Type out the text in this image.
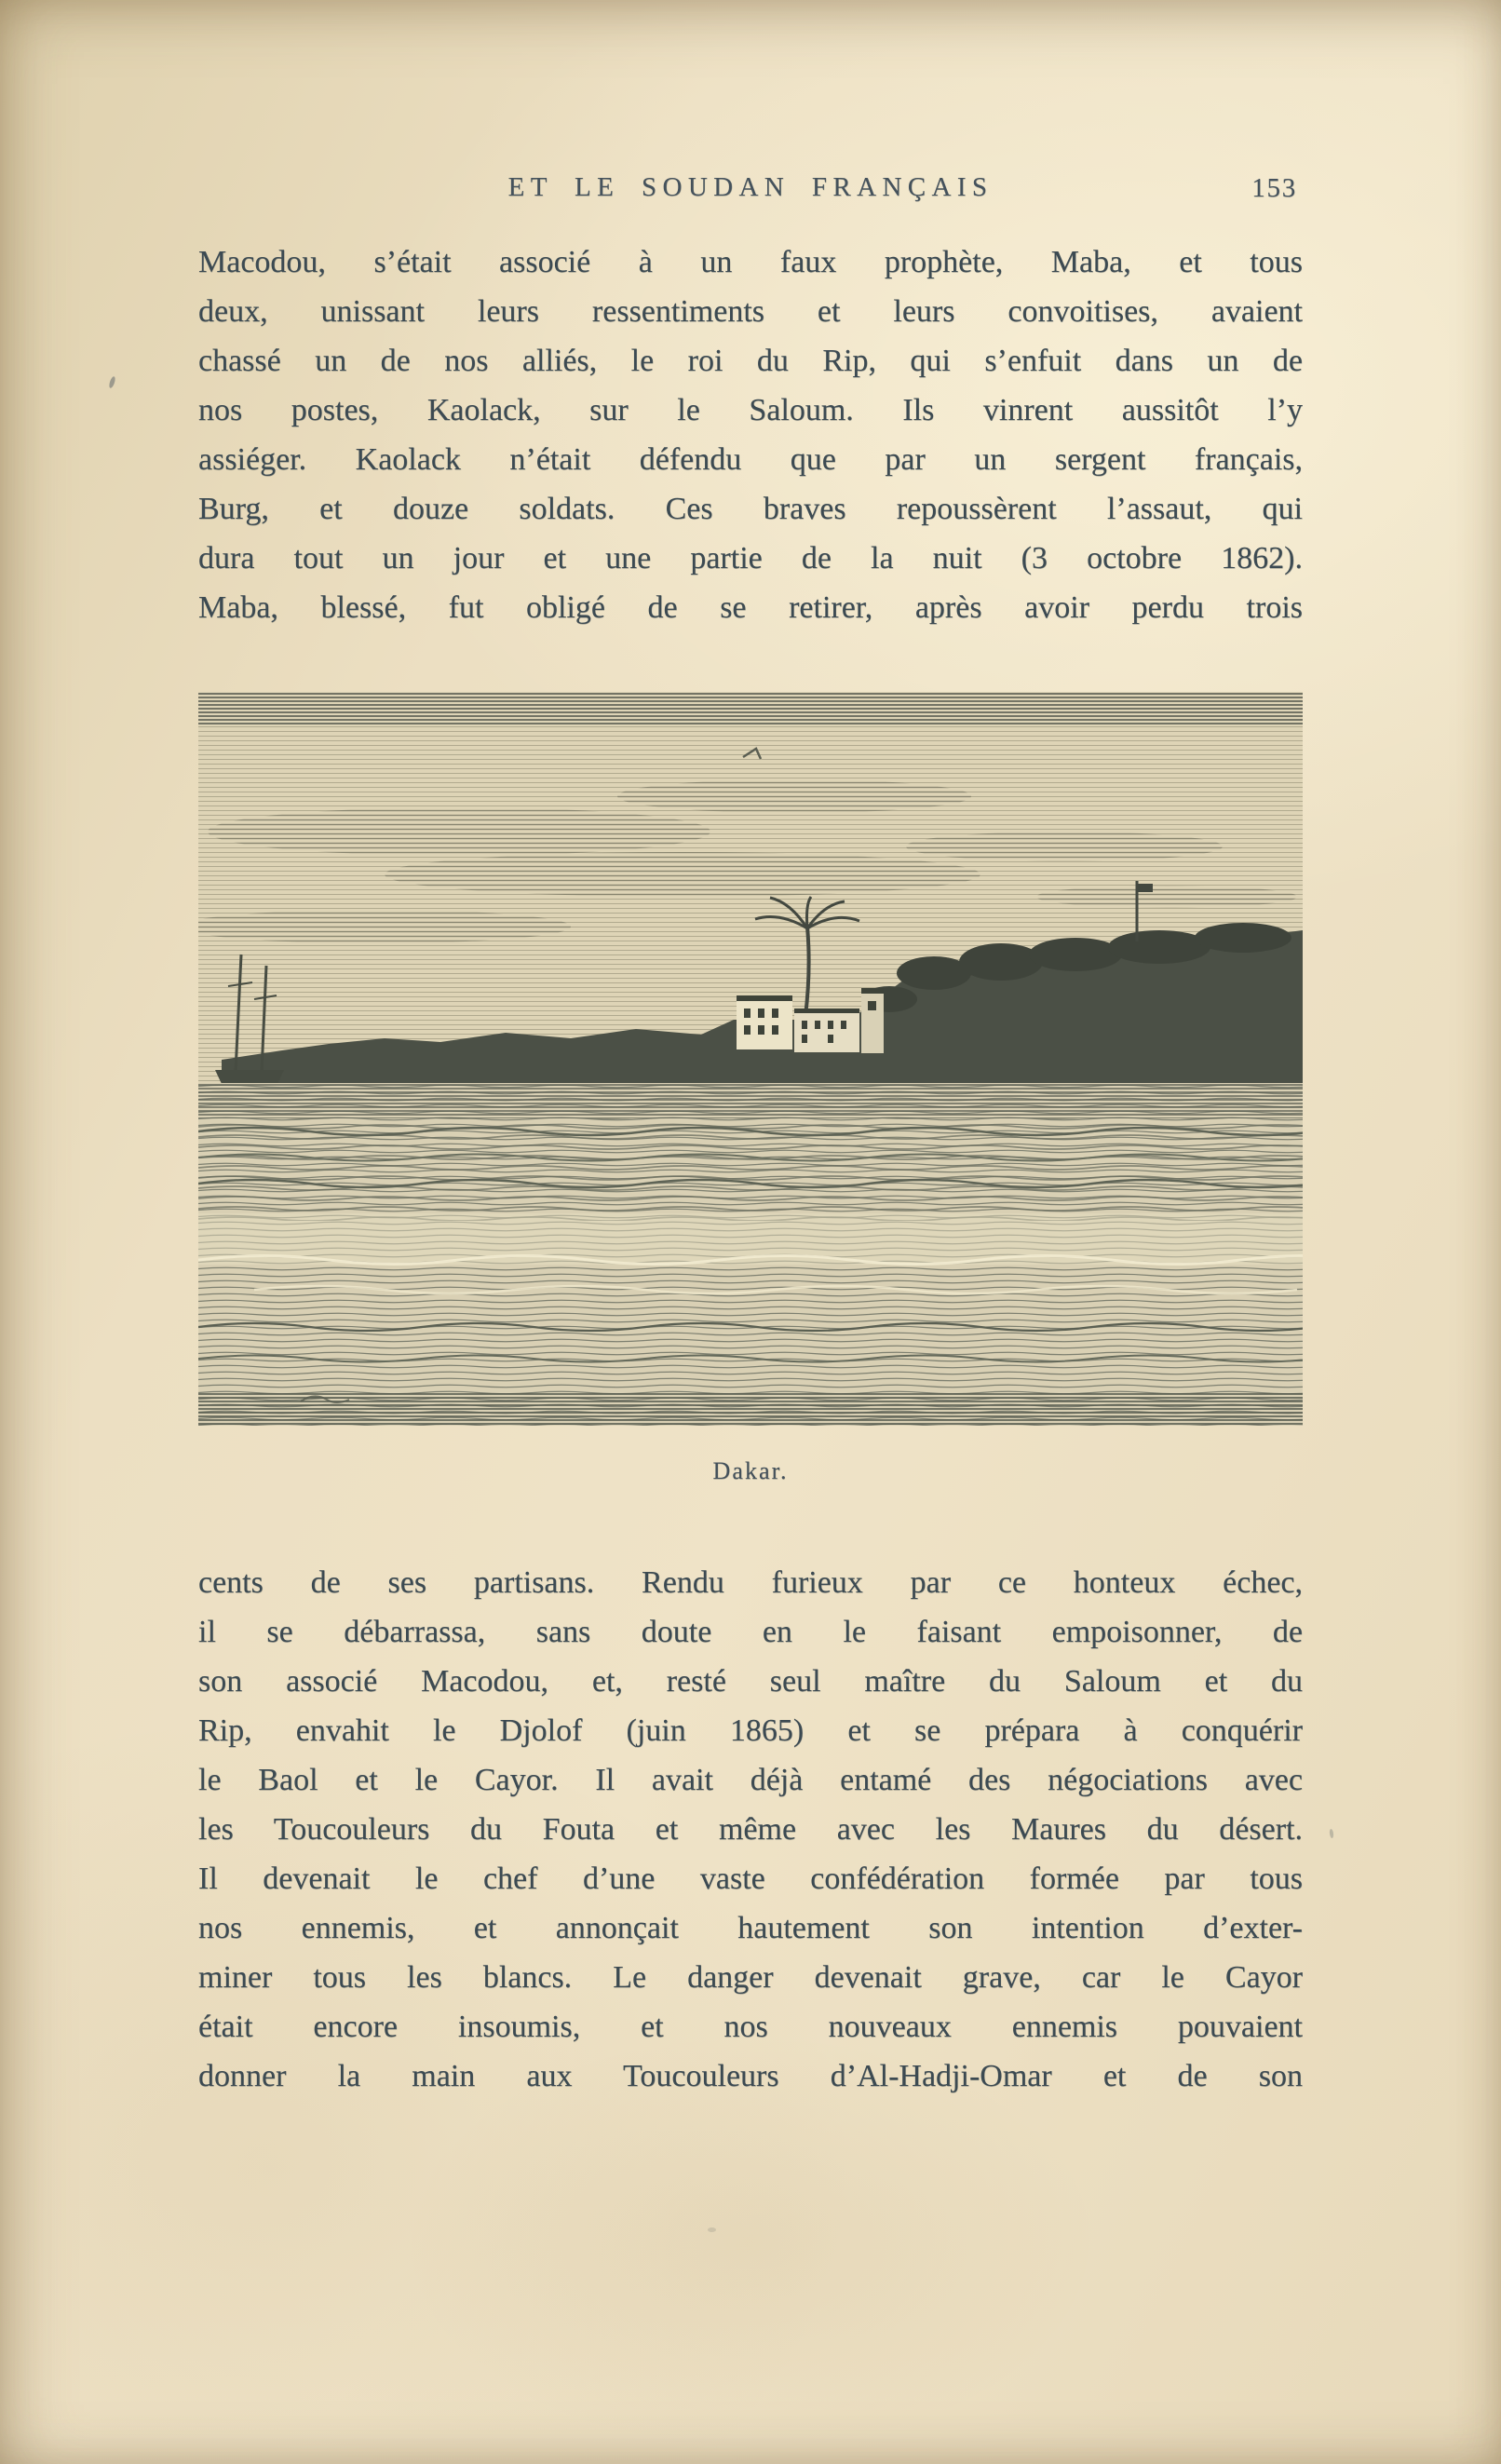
ET LE SOUDAN FRANÇAIS	153
Macodou, s’était associé à un faux prophète, Maba, et tous
deux, unissant leurs ressentiments et leurs convoitises, avaient
chassé un de nos alliés, le roi du Rip, qui s’enfuit dans un de
nos postes, Kaolack, sur le Saloum. Ils vinrent aussitôt l’y
assiéger. Kaolack n’était défendu que par un sergent français,
Burg, et douze soldats. Ces braves repoussèrent l’assaut, qui
dura tout un jour et une partie de la nuit (3 octobre 1862).
Maba, blessé, fut obligé de se retirer, après avoir perdu trois
Dakar.
cents de ses partisans. Rendu furieux par ce honteux échec,
il se débarrassa, sans doute en le faisant empoisonner, de
son associé Macodou, et, resté seul maître du Saloum et du
Rip, envahit le Djolof (juin 1865) et se prépara à conquérir
le Baol et le Cayor. Il avait déjà entamé des négociations avec
les Toucouleurs du Fouta et même avec les Maures du désert.
Il devenait le chef d’une vaste confédération formée par tous
nos ennemis, et annonçait hautement son intention d’exter-
miner tous les blancs. Le danger devenait grave, car le Cayor
était encore insoumis, et nos nouveaux ennemis pouvaient
donner la main aux Toucouleurs d’Al-Hadji-Omar et de son
